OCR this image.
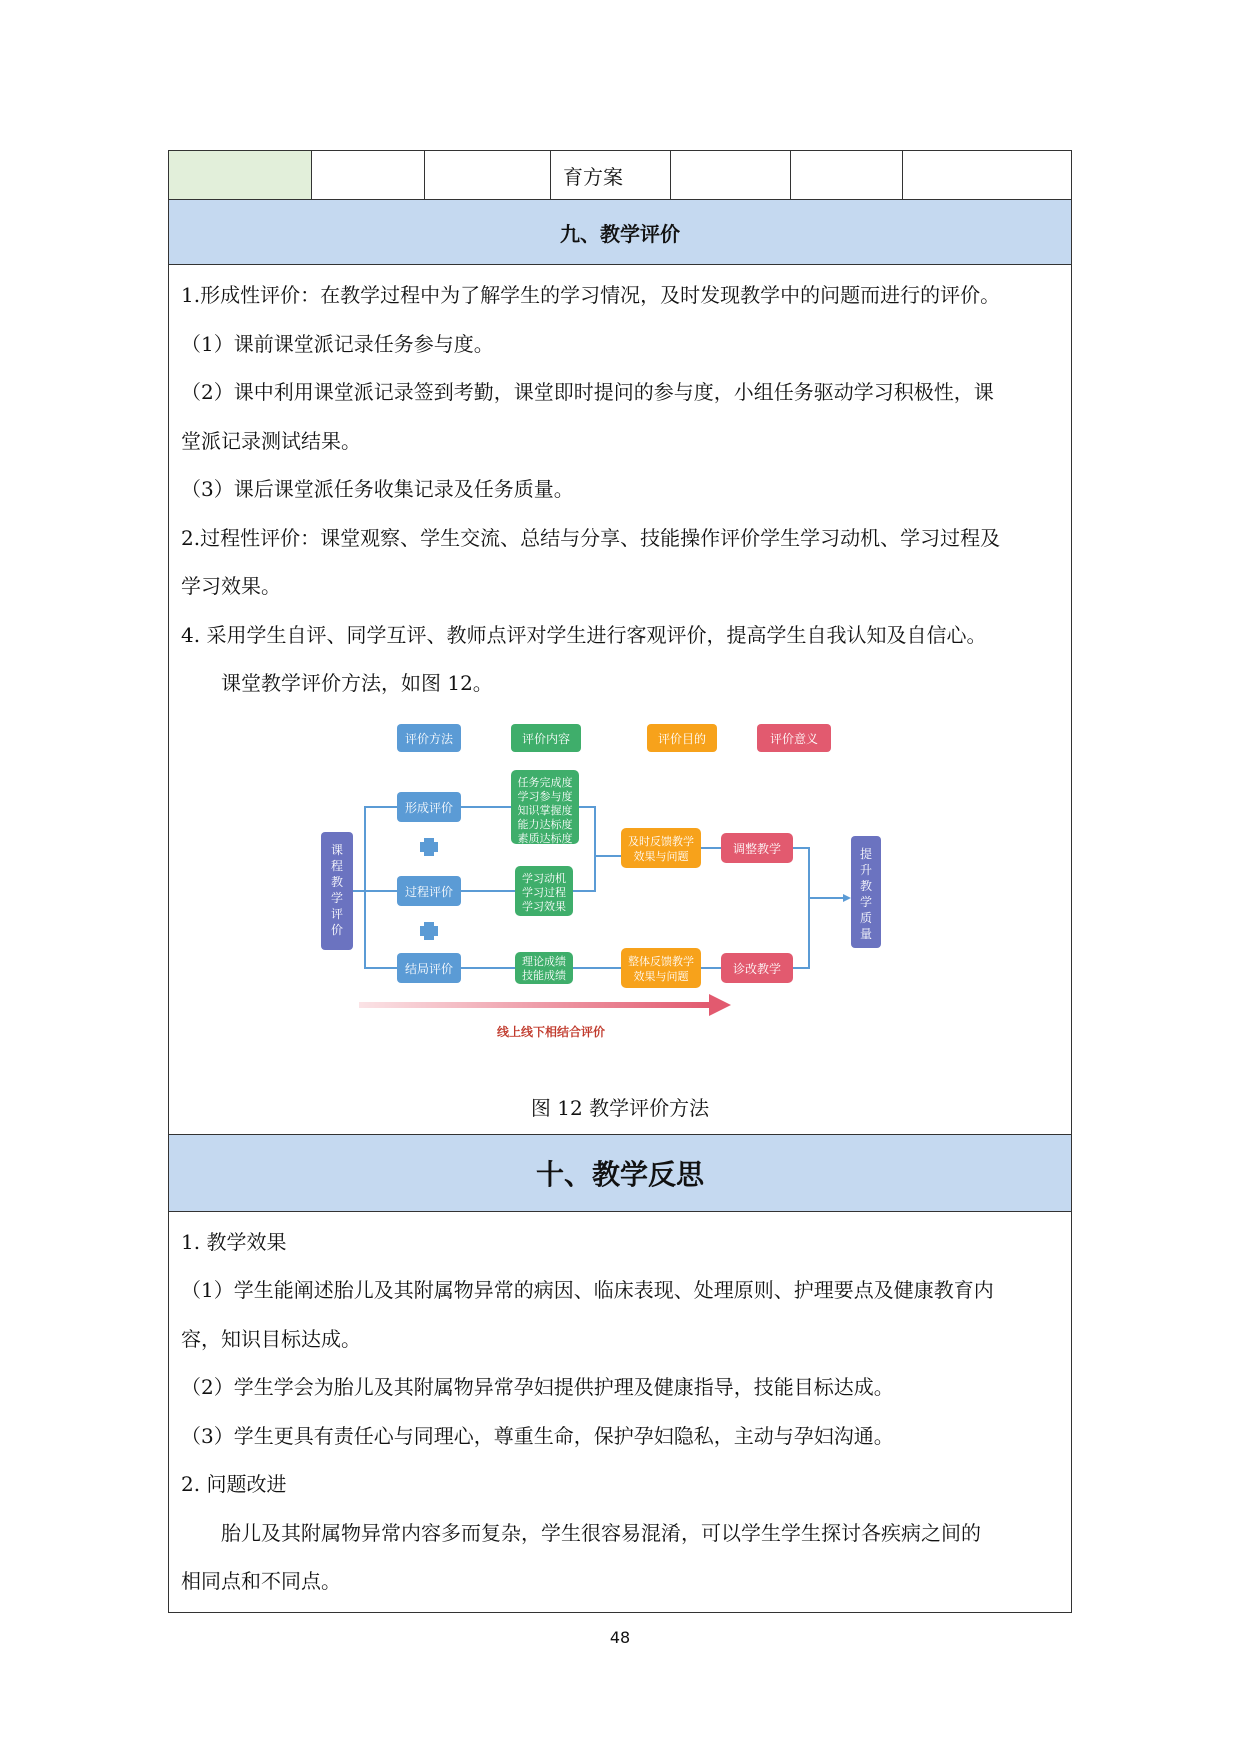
育方案
九、教学评价

1.形成性评价：在教学过程中为了解学生的学习情况，及时发现教学中的问题而进行的评价。

（1）课前课堂派记录任务参与度。

（2）课中利用课堂派记录签到考勤，课堂即时提问的参与度，小组任务驱动学习积极性，课

堂派记录测试结果。

（3）课后课堂派任务收集记录及任务质量。

2.过程性评价：课堂观察、学生交流、总结与分享、技能操作评价学生学习动机、学习过程及

学习效果。

4. 采用学生自评、同学互评、教师点评对学生进行客观评价，提高学生自我认知及自信心。

课堂教学评价方法，如图 12。

评价方法	评价内容	评价目的	评价意义
课
程
教
学
评
价
形成评价
过程评价
结局评价
任务完成度
学习参与度
知识掌握度
能力达标度
素质达标度
学习动机
学习过程
学习效果
理论成绩
技能成绩
及时反馈教学
效果与问题
整体反馈教学
效果与问题
调整教学
诊改教学
提
升
教
学
质
量
线上线下相结合评价
图 12 教学评价方法
十、教学反思

1. 教学效果

（1）学生能阐述胎儿及其附属物异常的病因、临床表现、处理原则、护理要点及健康教育内

容，知识目标达成。

（2）学生学会为胎儿及其附属物异常孕妇提供护理及健康指导，技能目标达成。

（3）学生更具有责任心与同理心，尊重生命，保护孕妇隐私，主动与孕妇沟通。

2. 问题改进

胎儿及其附属物异常内容多而复杂，学生很容易混淆，可以学生学生探讨各疾病之间的

相同点和不同点。

48
